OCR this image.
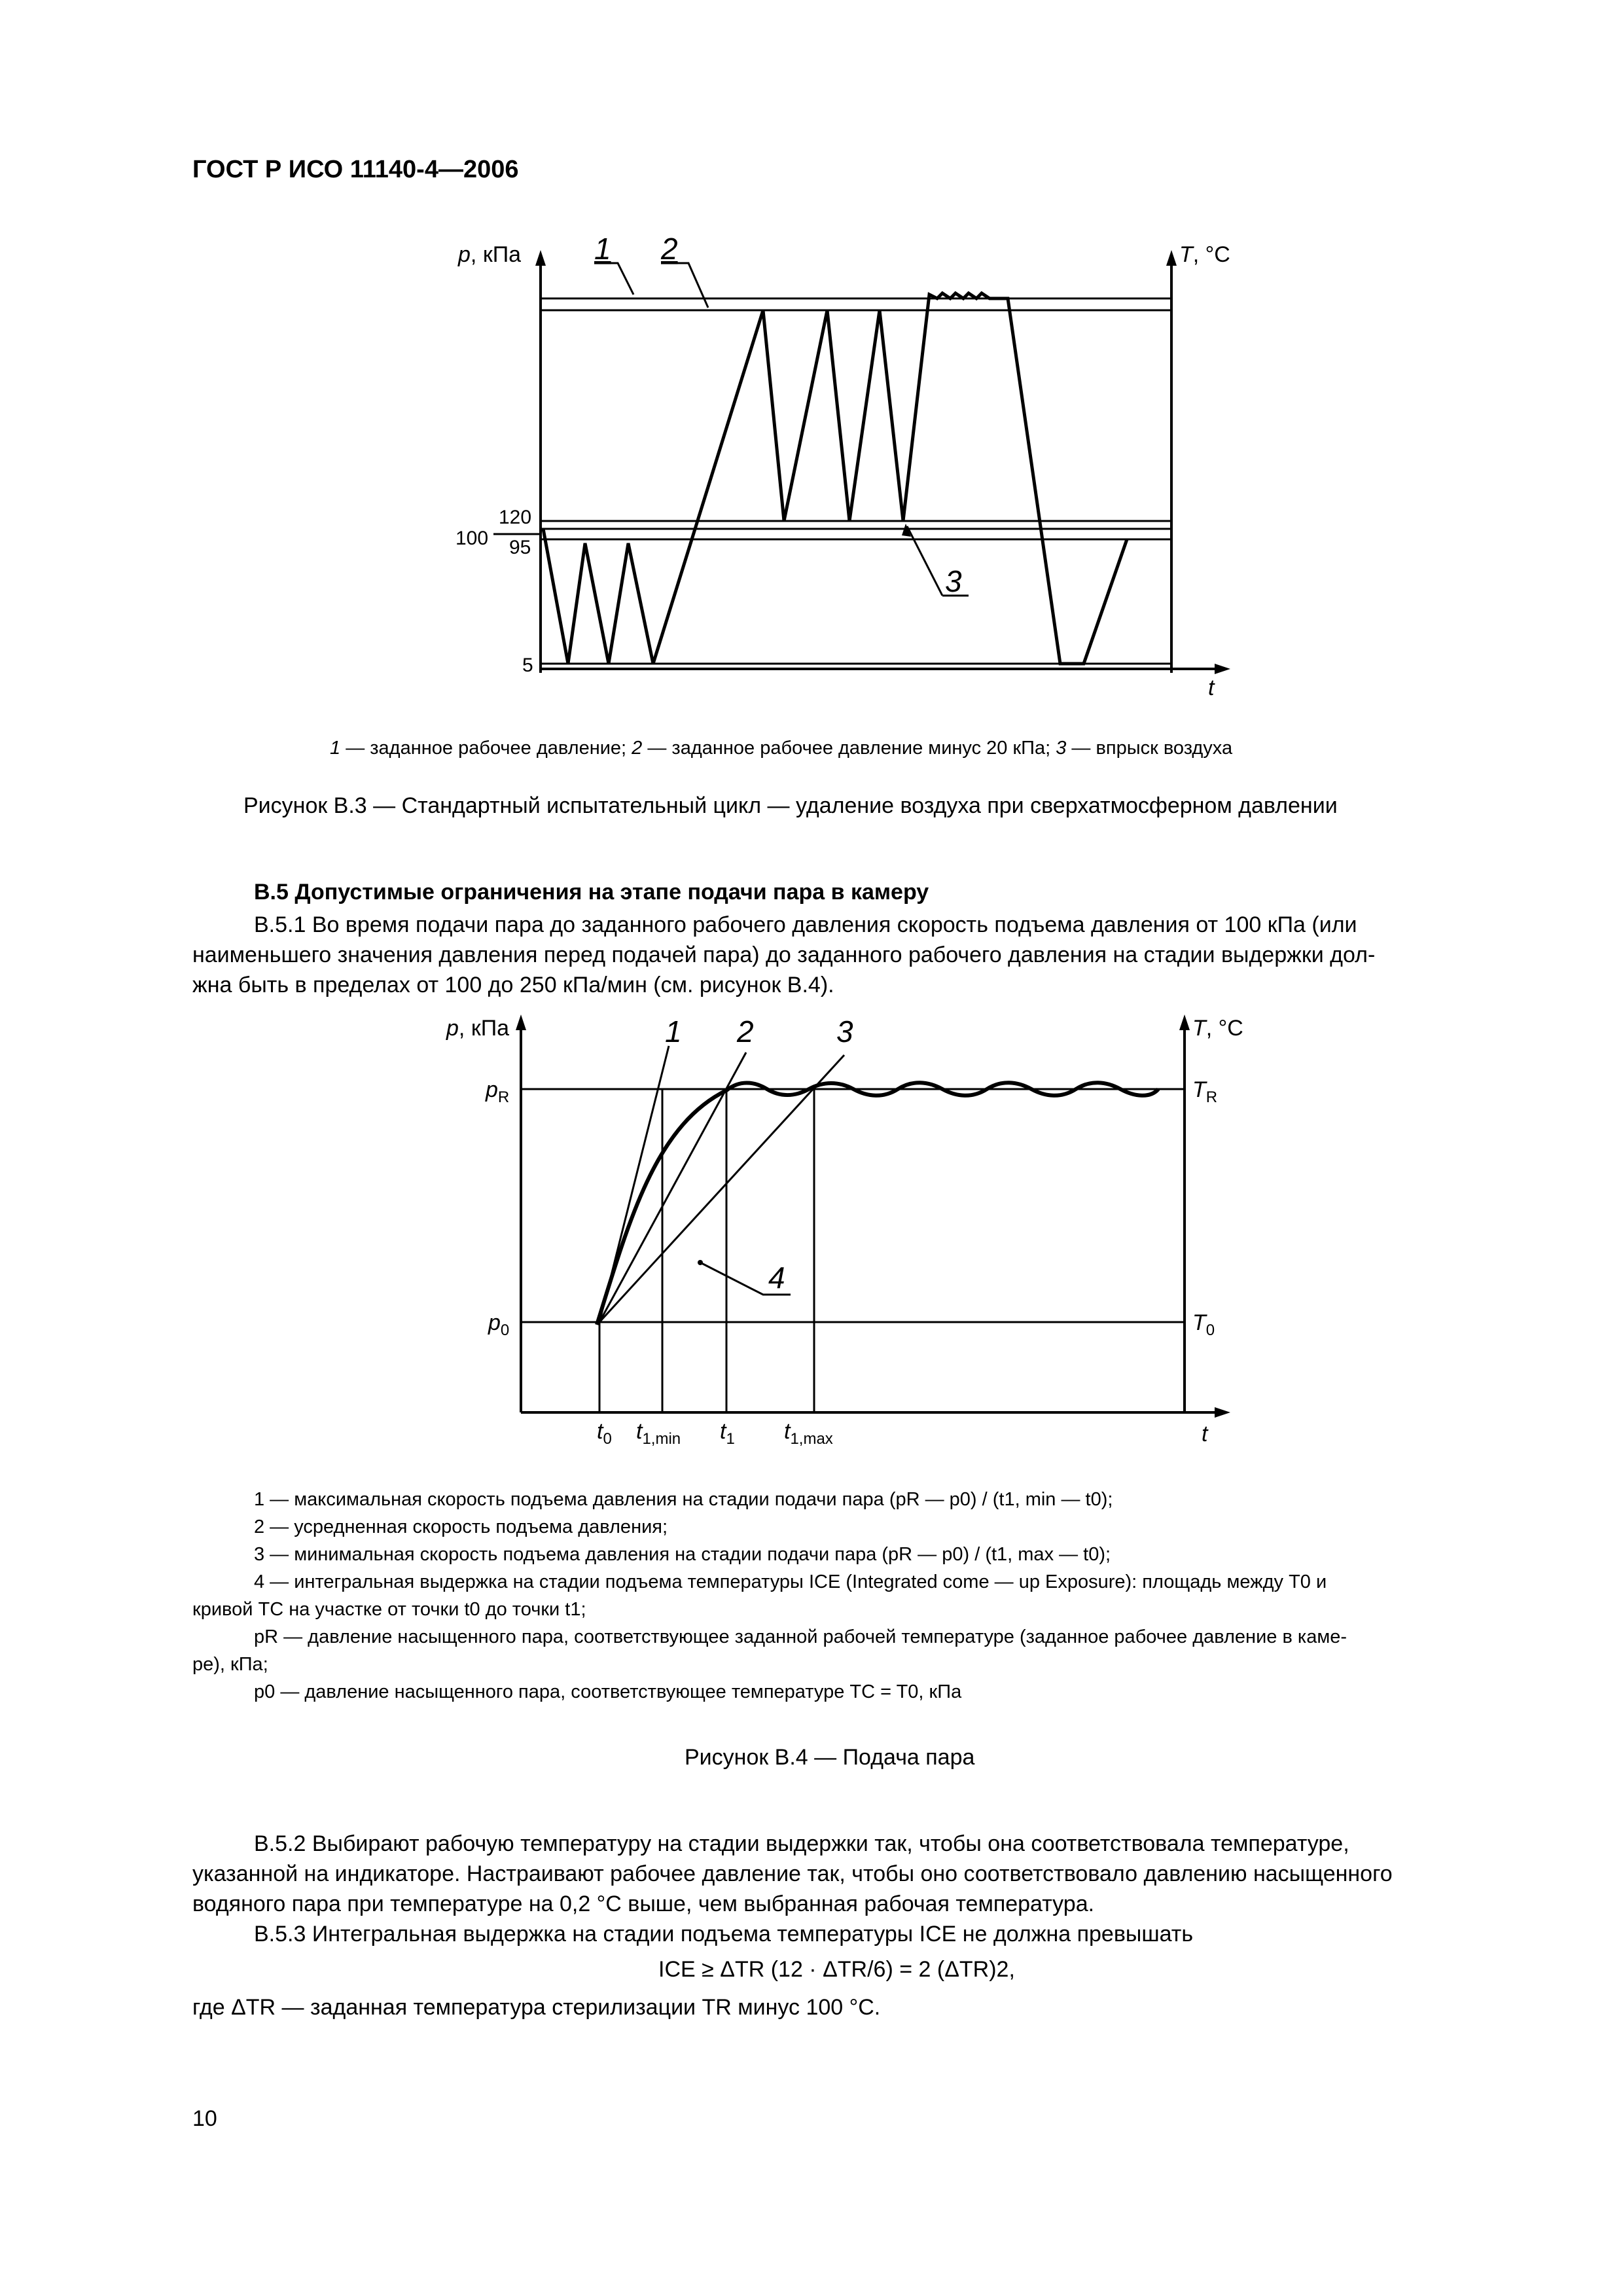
ГОСТ Р ИСО 11140-4—2006
p, кПа	T, °С
t
120
100 95
5
1 2
3
1 — заданное рабочее давление; 2 — заданное рабочее давление минус 20 кПа; 3 — впрыск воздуха
Рисунок В.3 — Стандартный испытательный цикл — удаление воздуха при сверхатмосферном давлении
В.5 Допустимые ограничения на этапе подачи пара в камеру
В.5.1 Во время подачи пара до заданного рабочего давления скорость подъема давления от 100 кПа (или
наименьшего значения давления перед подачей пара) до заданного рабочего давления на стадии выдержки дол-
жна быть в пределах от 100 до 250 кПа/мин (см. рисунок В.4).
p, кПа	T, °С
t
$p_R$
$p_0$
$T_R$
$T_0$
$t_0$ $t_{1,min}$ $t_1$ $t_{1,max}$
1 2	3
4
1 — максимальная скорость подъема давления на стадии подачи пара (pR — p0) / (t1, min — t0);
2 — усредненная скорость подъема давления;
3 — минимальная скорость подъема давления на стадии подачи пара (pR — p0) / (t1, max — t0);
4 — интегральная выдержка на стадии подъема температуры ICE (Integrated come — up Exposure): площадь между T0 и
кривой TC на участке от точки t0 до точки t1;
pR — давление насыщенного пара, соответствующее заданной рабочей температуре (заданное рабочее давление в каме-
ре), кПа;
p0 — давление насыщенного пара, соответствующее температуре TC = T0, кПа
Рисунок В.4 — Подача пара
В.5.2 Выбирают рабочую температуру на стадии выдержки так, чтобы она соответствовала температуре,
указанной на индикаторе. Настраивают рабочее давление так, чтобы оно соответствовало давлению насыщенного
водяного пара при температуре на 0,2 °С выше, чем выбранная рабочая температура.
В.5.3 Интегральная выдержка на стадии подъема температуры ICE не должна превышать
ICE ≥ ΔTR (12 · ΔTR/6) = 2 (ΔTR)2,
где ΔTR — заданная температура стерилизации TR минус 100 °С.
10
